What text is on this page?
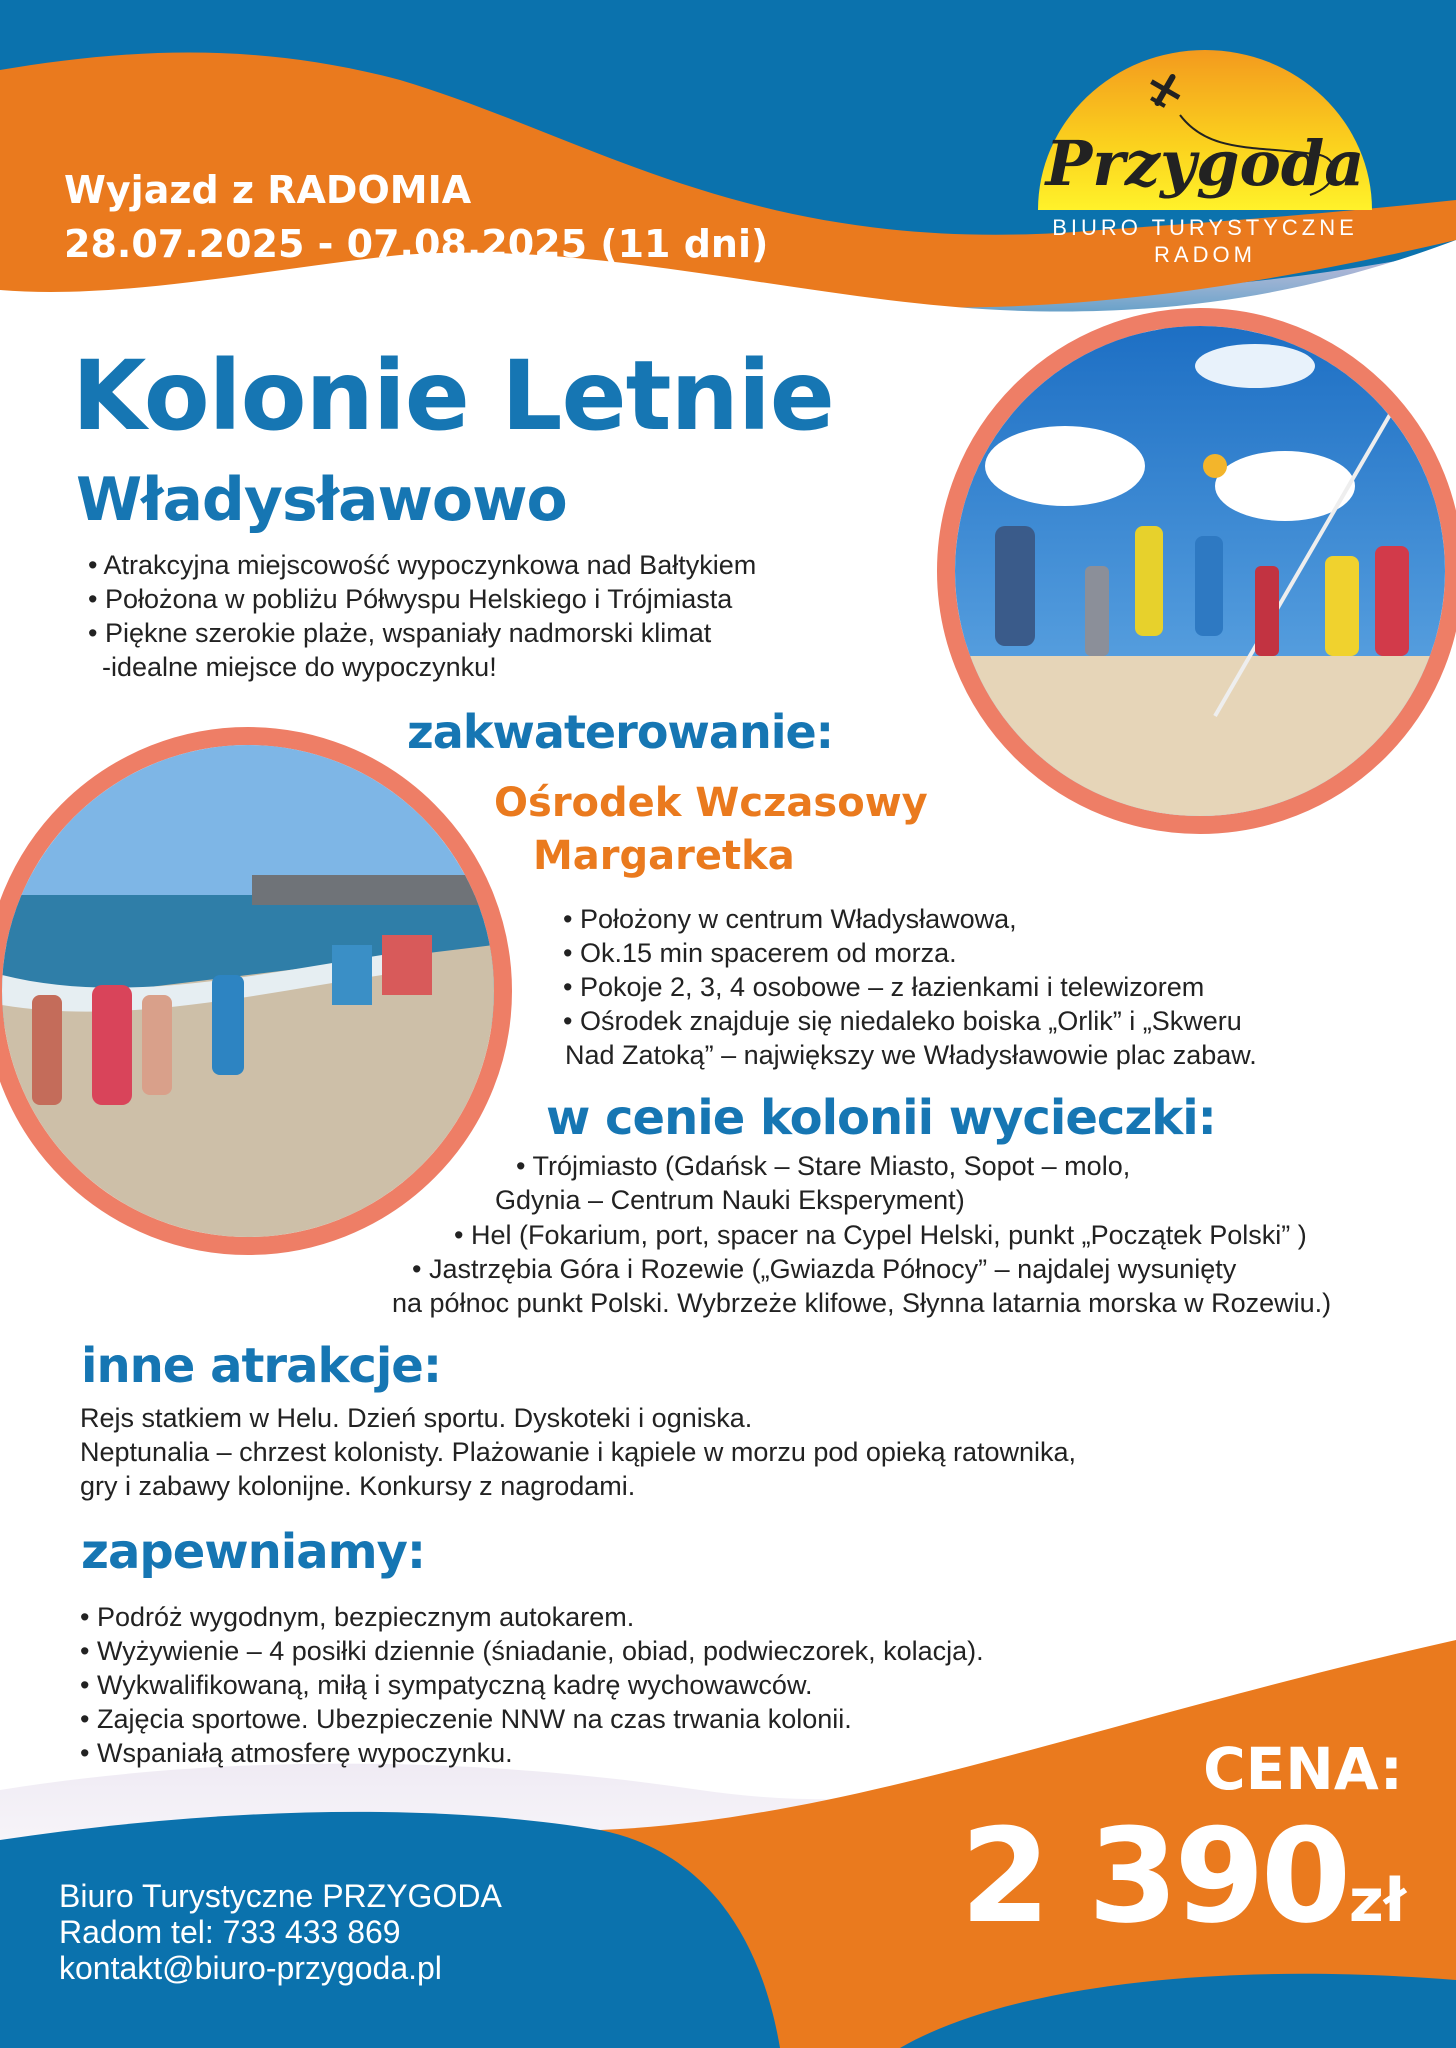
Wyjazd z RADOMIA
28.07.2025 - 07.08.2025 (11 dni)
Przygoda
BIURO TURYSTYCZNE
RADOM
Kolonie Letnie
Władysławowo
• Atrakcyjna miejscowość wypoczynkowa nad Bałtykiem
• Położona w pobliżu Półwyspu Helskiego i Trójmiasta
• Piękne szerokie plaże, wspaniały nadmorski klimat
-idealne miejsce do wypoczynku!
zakwaterowanie:
Ośrodek Wczasowy
Margaretka
• Położony w centrum Władysławowa,
• Ok.15 min spacerem od morza.
• Pokoje 2, 3, 4 osobowe – z łazienkami i telewizorem
• Ośrodek znajduje się niedaleko boiska „Orlik” i „Skweru
Nad Zatoką” – największy we Władysławowie plac zabaw.
w cenie kolonii wycieczki:
• Trójmiasto (Gdańsk – Stare Miasto, Sopot – molo,
Gdynia – Centrum Nauki Eksperyment)
• Hel (Fokarium, port, spacer na Cypel Helski, punkt „Początek Polski” )
• Jastrzębia Góra i Rozewie („Gwiazda Północy” – najdalej wysunięty
na północ punkt Polski. Wybrzeże klifowe, Słynna latarnia morska w Rozewiu.)
inne atrakcje:
Rejs statkiem w Helu. Dzień sportu. Dyskoteki i ogniska.
Neptunalia – chrzest kolonisty. Plażowanie i kąpiele w morzu pod opieką ratownika,
gry i zabawy kolonijne. Konkursy z nagrodami.
zapewniamy:
• Podróż wygodnym, bezpiecznym autokarem.
• Wyżywienie – 4 posiłki dziennie (śniadanie, obiad, podwieczorek, kolacja).
• Wykwalifikowaną, miłą i sympatyczną kadrę wychowawców.
• Zajęcia sportowe. Ubezpieczenie NNW na czas trwania kolonii.
• Wspaniałą atmosferę wypoczynku.	CENA:
2 390 zł
Biuro Turystyczne PRZYGODA
Radom tel: 733 433 869
kontakt@biuro-przygoda.pl
